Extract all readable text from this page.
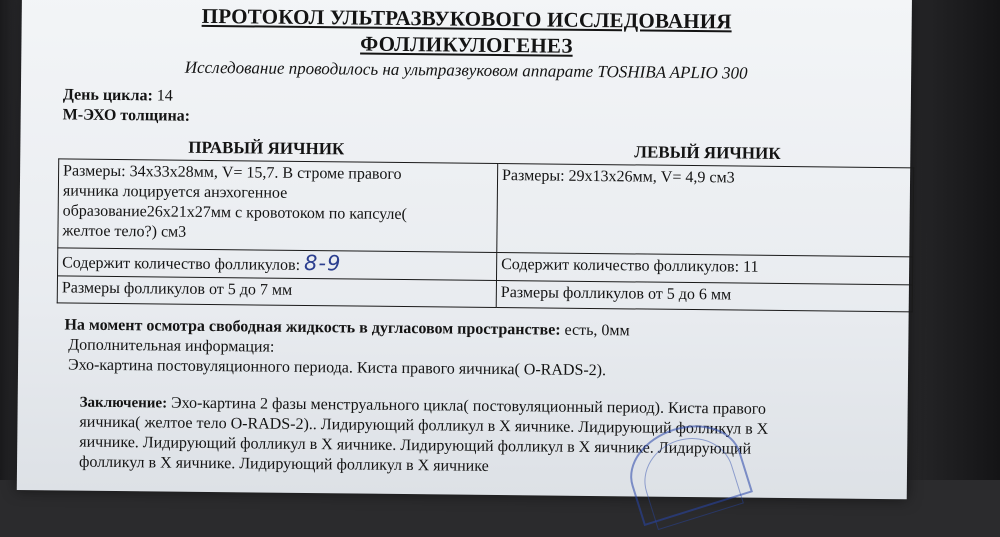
ПРОТОКОЛ УЛЬТРАЗВУКОВОГО ИССЛЕДОВАНИЯ
ФОЛЛИКУЛОГЕНЕЗ
Исследование проводилось на ультразвуковом аппарате TOSHIBA APLIO 300
День цикла: 14
М-ЭХО толщина:
ПРАВЫЙ ЯИЧНИК	ЛЕВЫЙ ЯИЧНИК
Размеры: 34х33х28мм, V= 15,7. В строме правого
яичника лоцируется анэхогенное
образование26х21х27мм с кровотоком по капсуле(
желтое тело?) см3	Размеры: 29х13х26мм, V= 4,9 см3

Содержит количество фолликулов: 8-9	Содержит количество фолликулов: 11
Размеры фолликулов от 5 до 7 мм	Размеры фолликулов от 5 до 6 мм
На момент осмотра свободная жидкость в дугласовом пространстве: есть, 0мм
Дополнительная информация:
Эхо-картина постовуляционного периода. Киста правого яичника( O-RADS-2).
Заключение: Эхо-картина 2 фазы менструального цикла( постовуляционный период). Киста правого
яичника( желтое тело O-RADS-2).. Лидирующий фолликул в Х яичнике. Лидирующий фолликул в Х
яичнике. Лидирующий фолликул в Х яичнике. Лидирующий фолликул в Х яичнике. Лидирующий
фолликул в Х яичнике. Лидирующий фолликул в Х яичнике
